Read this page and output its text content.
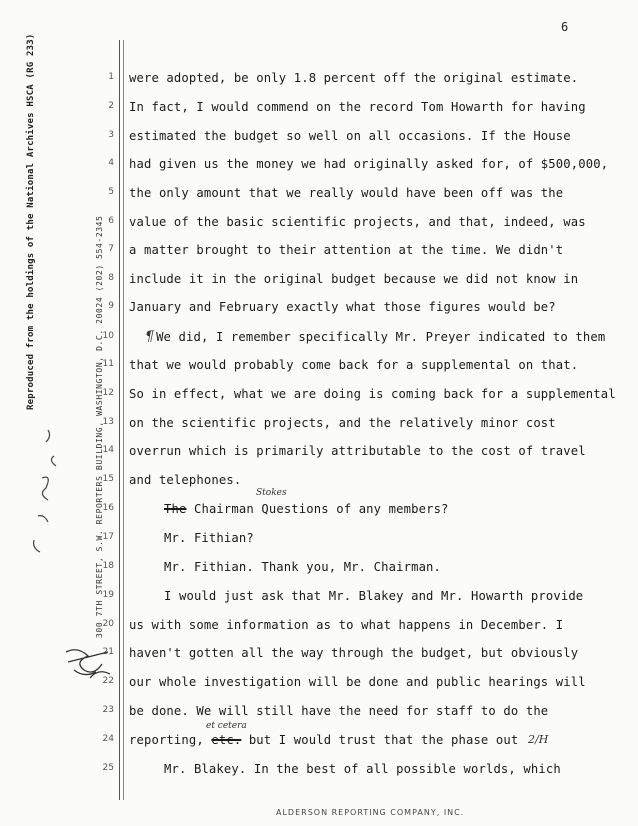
6
Reproduced from the holdings of the National Archives HSCA (RG 233)	300 7TH STREET, S.W. REPORTERS BUILDING, WASHINGTON, D.C. 20024 (202) 554-2345
1
2
3
4
5
6
7
8
9
10
11
12
13
14
15
16
17
18
19
20
21
22
23
24
25
were adopted, be only 1.8 percent off the original estimate.
In fact, I would commend on the record Tom Howarth for having
estimated the budget so well on all occasions. If the House
had given us the money we had originally asked for, of $500,000,
the only amount that we really would have been off was the
value of the basic scientific projects, and that, indeed, was
a matter brought to their attention at the time. We didn't
include it in the original budget because we did not know in
January and February exactly what those figures would be?
¶ We did, I remember specifically Mr. Preyer indicated to them
that we would probably come back for a supplemental on that.
So in effect, what we are doing is coming back for a supplemental
on the scientific projects, and the relatively minor cost
overrun which is primarily attributable to the cost of travel
and telephones.
The Chairman Questions of any members?
Stokes
Mr. Fithian?
Mr. Fithian. Thank you, Mr. Chairman.
I would just ask that Mr. Blakey and Mr. Howarth provide
us with some information as to what happens in December. I
haven't gotten all the way through the budget, but obviously
our whole investigation will be done and public hearings will
be done. We will still have the need for staff to do the
reporting, etc. but I would trust that the phase out
et cetera
2/H
Mr. Blakey. In the best of all possible worlds, which
ALDERSON REPORTING COMPANY, INC.
